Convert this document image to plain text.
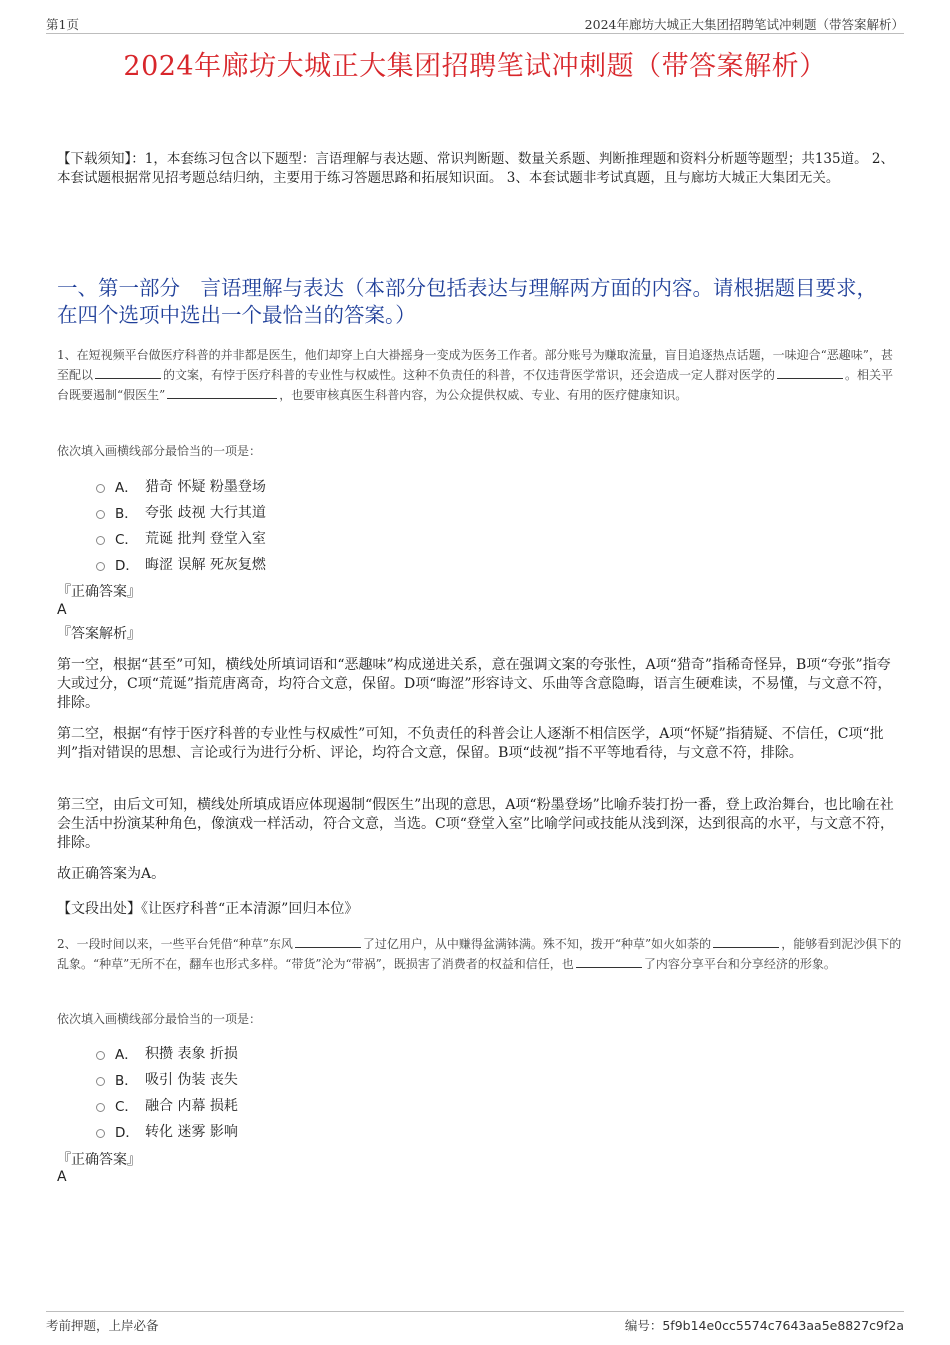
第1页	2024年廊坊大城正大集团招聘笔试冲刺题（带答案解析）
2024年廊坊大城正大集团招聘笔试冲刺题（带答案解析）
【下载须知】：1，本套练习包含以下题型：言语理解与表达题、常识判断题、数量关系题、判断推理题和资料分析题等题型；共135道。 2、本套试题根据常见招考题总结归纳，主要用于练习答题思路和拓展知识面。 3、本套试题非考试真题，且与廊坊大城正大集团无关。
一、第一部分　言语理解与表达（本部分包括表达与理解两方面的内容。请根据题目要求，在四个选项中选出一个最恰当的答案。）
1、在短视频平台做医疗科普的并非都是医生，他们却穿上白大褂摇身一变成为医务工作者。部分账号为赚取流量，盲目追逐热点话题，一味迎合“恶趣味”，甚至配以	的文案，有悖于医疗科普的专业性与权威性。这种不负责任的科普，不仅违背医学常识，还会造成一定人群对医学的	。相关平台既要遏制“假医生”	，也要审核真医生科普内容，为公众提供权威、专业、有用的医疗健康知识。
依次填入画横线部分最恰当的一项是：
A． 猎奇 怀疑 粉墨登场
B． 夸张 歧视 大行其道
C． 荒诞 批判 登堂入室
D． 晦涩 误解 死灰复燃
『正确答案』
A
『答案解析』
第一空，根据“甚至”可知，横线处所填词语和“恶趣味”构成递进关系，意在强调文案的夸张性，A项“猎奇”指稀奇怪异，B项“夸张”指夸大或过分，C项“荒诞”指荒唐离奇，均符合文意，保留。D项“晦涩”形容诗文、乐曲等含意隐晦，语言生硬难读，不易懂，与文意不符，排除。
第二空，根据“有悖于医疗科普的专业性与权威性”可知，不负责任的科普会让人逐渐不相信医学，A项“怀疑”指猜疑、不信任，C项“批判”指对错误的思想、言论或行为进行分析、评论，均符合文意，保留。B项“歧视”指不平等地看待，与文意不符，排除。
第三空，由后文可知，横线处所填成语应体现遏制“假医生”出现的意思，A项“粉墨登场”比喻乔装打扮一番，登上政治舞台，也比喻在社会生活中扮演某种角色，像演戏一样活动，符合文意，当选。C项“登堂入室”比喻学问或技能从浅到深，达到很高的水平，与文意不符，排除。
故正确答案为A。
【文段出处】《让医疗科普“正本清源”回归本位》
2、一段时间以来，一些平台凭借“种草”东风	了过亿用户，从中赚得盆满钵满。殊不知，拨开“种草”如火如荼的	，能够看到泥沙俱下的乱象。“种草”无所不在，翻车也形式多样。“带货”沦为“带祸”，既损害了消费者的权益和信任，也	了内容分享平台和分享经济的形象。
依次填入画横线部分最恰当的一项是：
A． 积攒 表象 折损
B． 吸引 伪装 丧失
C． 融合 内幕 损耗
D． 转化 迷雾 影响
『正确答案』
A
考前押题，上岸必备	编号：5f9b14e0cc5574c7643aa5e8827c9f2a
